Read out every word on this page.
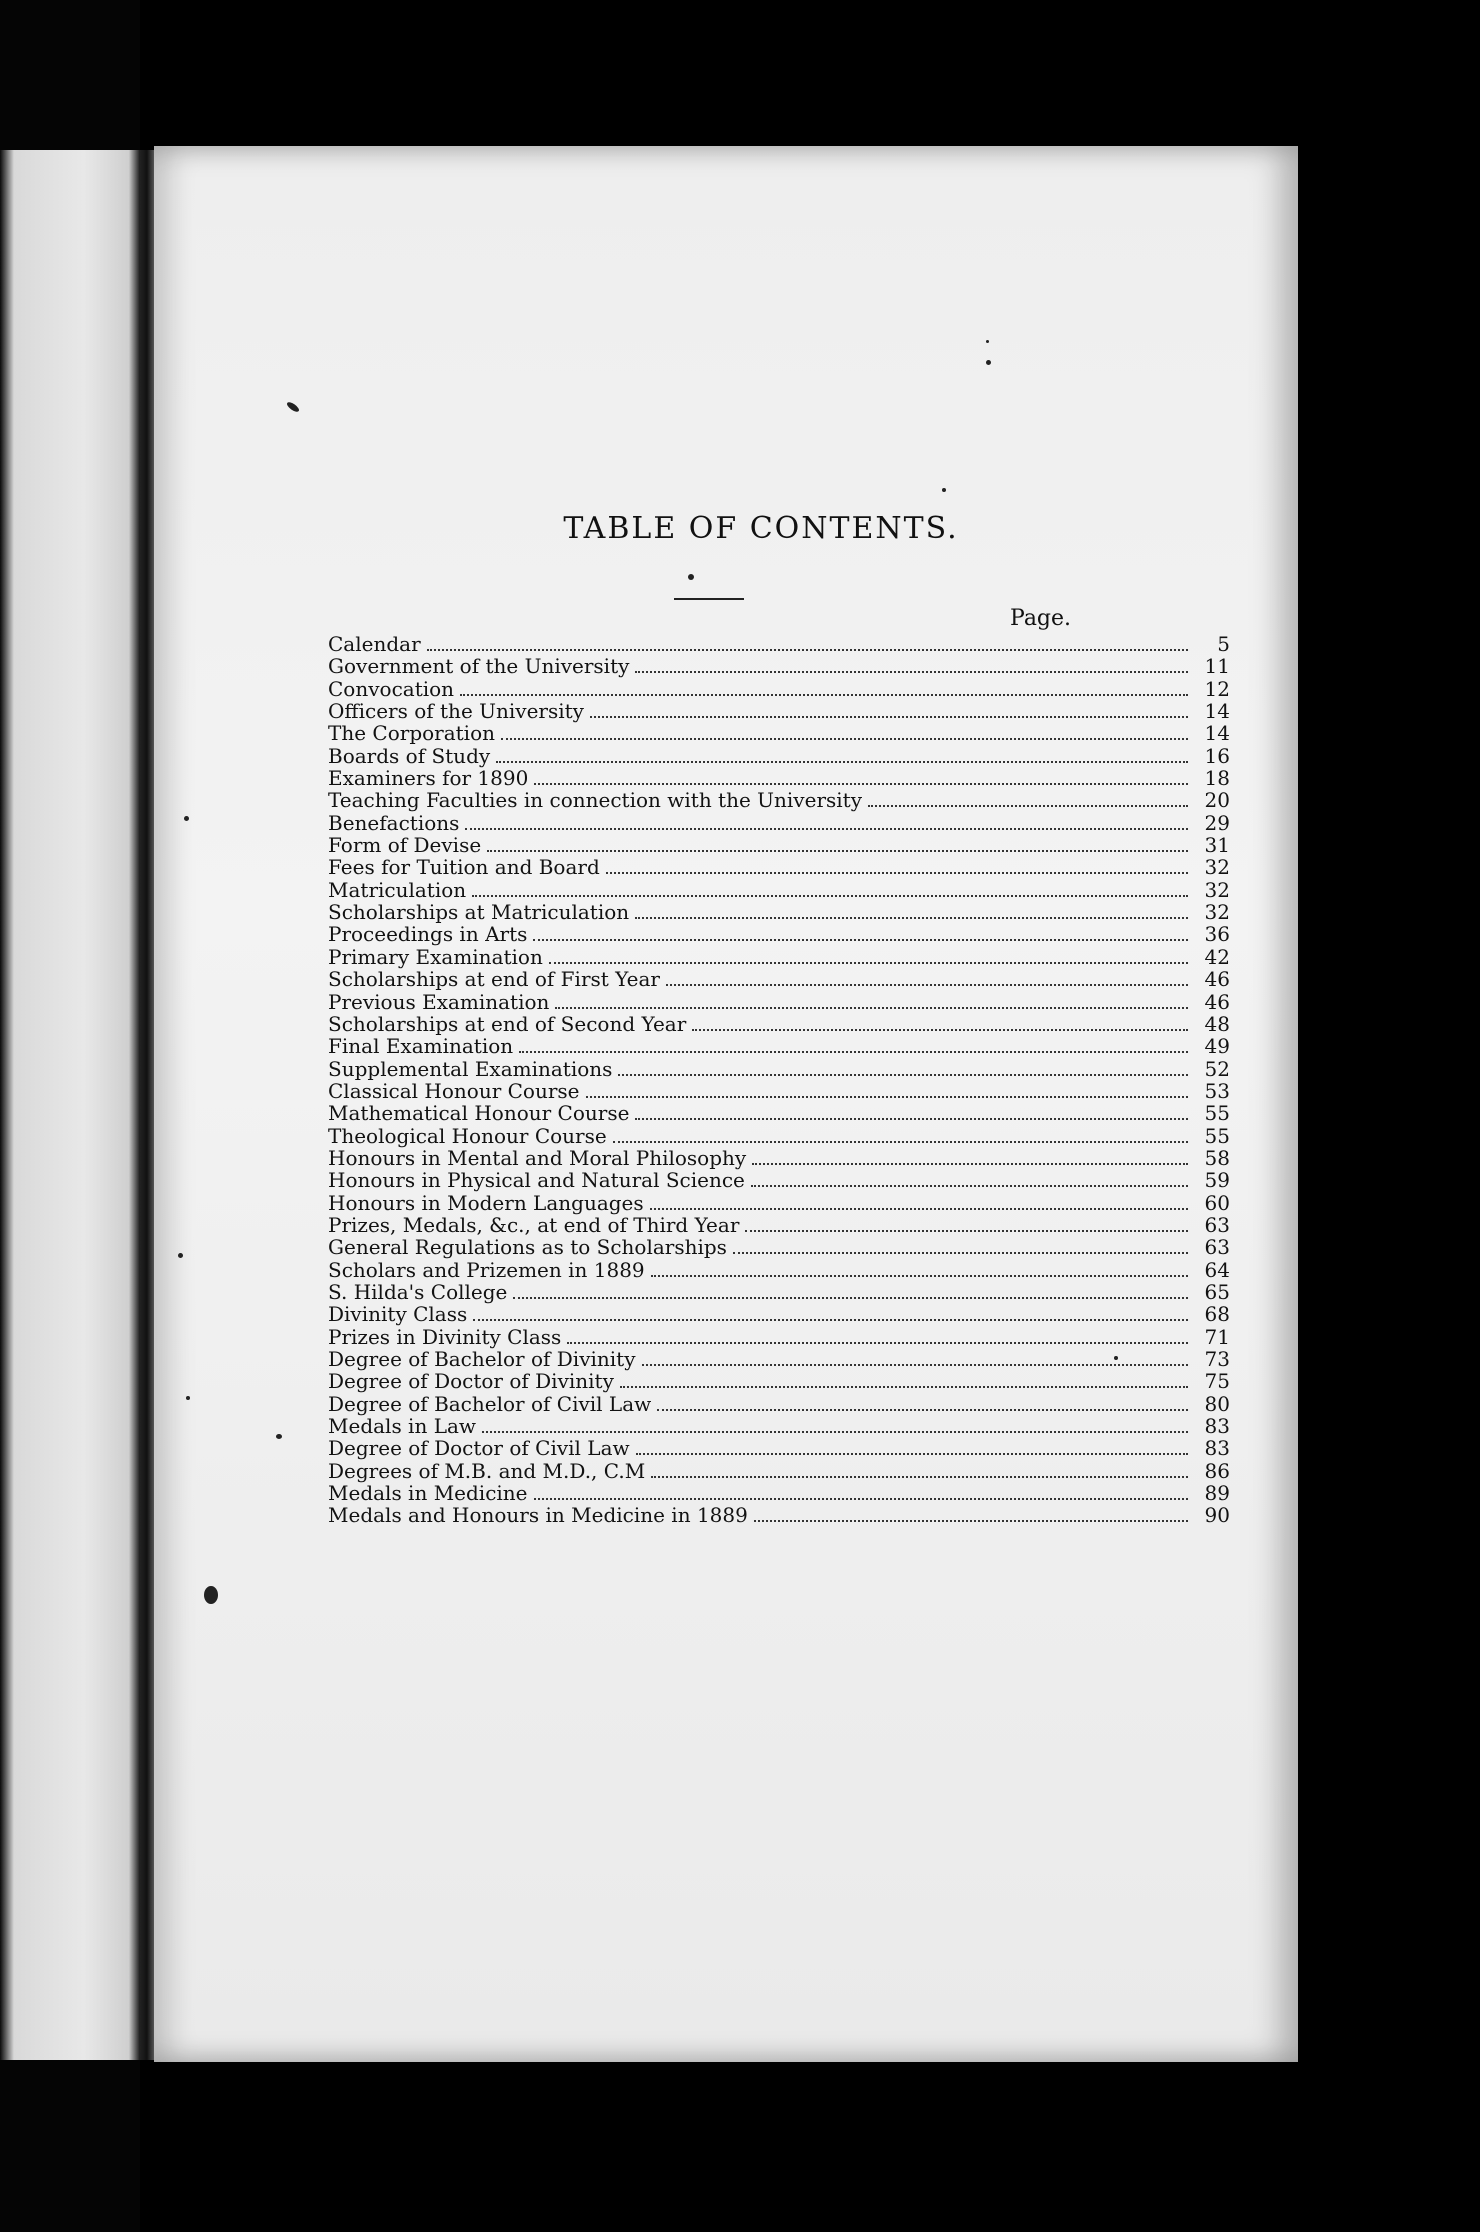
TABLE OF CONTENTS.
Page.
Calendar	5
Government of the University	11
Convocation	12
Officers of the University	14
The Corporation	14
Boards of Study	16
Examiners for 1890	18
Teaching Faculties in connection with the University	20
Benefactions	29
Form of Devise	31
Fees for Tuition and Board	32
Matriculation	32
Scholarships at Matriculation	32
Proceedings in Arts	36
Primary Examination	42
Scholarships at end of First Year	46
Previous Examination	46
Scholarships at end of Second Year	48
Final Examination	49
Supplemental Examinations	52
Classical Honour Course	53
Mathematical Honour Course	55
Theological Honour Course	55
Honours in Mental and Moral Philosophy	58
Honours in Physical and Natural Science	59
Honours in Modern Languages	60
Prizes, Medals, &c., at end of Third Year	63
General Regulations as to Scholarships	63
Scholars and Prizemen in 1889	64
S. Hilda's College	65
Divinity Class	68
Prizes in Divinity Class	71
Degree of Bachelor of Divinity	73
Degree of Doctor of Divinity	75
Degree of Bachelor of Civil Law	80
Medals in Law	83
Degree of Doctor of Civil Law	83
Degrees of M.B. and M.D., C.M	86
Medals in Medicine	89
Medals and Honours in Medicine in 1889	90
